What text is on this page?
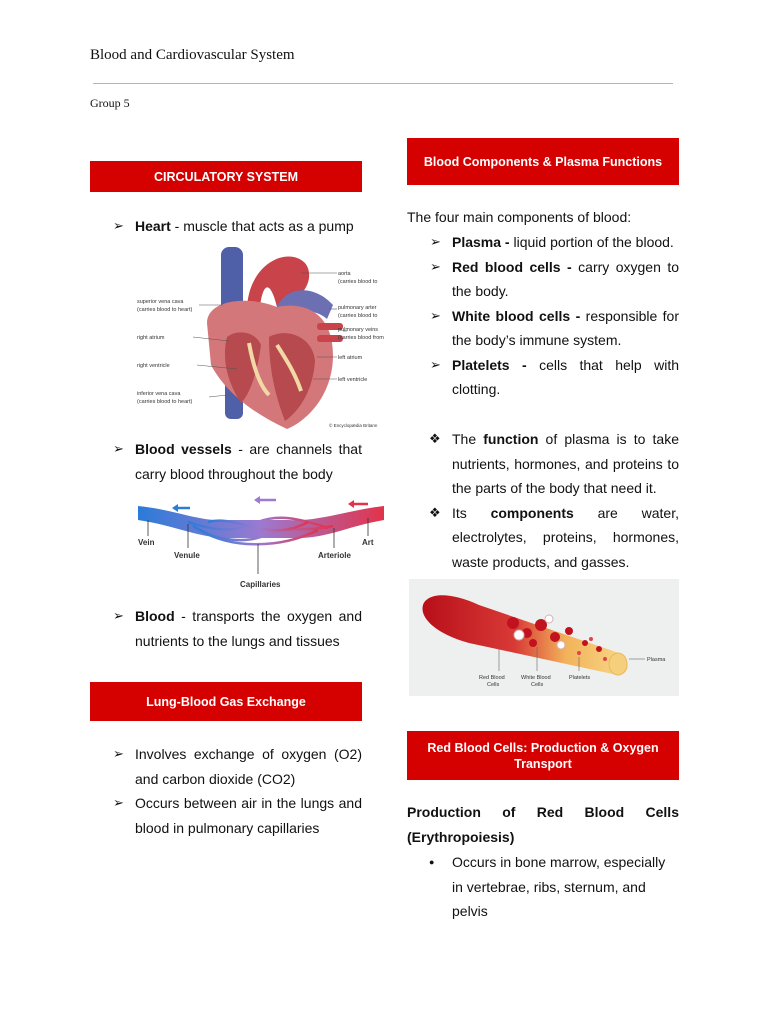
Blood and Cardiovascular System
Group 5
CIRCULATORY SYSTEM
➢ Heart - muscle that acts as a pump
aorta
(carries blood to
pulmonary arter
(carries blood to
pulmonary veins
(carries blood from
left atrium
left ventricle
superior vena cava
(carries blood to heart)
right atrium
right ventricle
inferior vena cava
(carries blood to heart)
© Encyclopædia Britann
➢ Blood vessels - are channels that carry blood throughout the body
Vein
Venule
Capillaries
Arteriole
Art
➢ Blood - transports the oxygen and nutrients to the lungs and tissues
Lung-Blood Gas Exchange
➢ Involves exchange of oxygen (O2) and carbon dioxide (CO2)
➢ Occurs between air in the lungs and blood in pulmonary capillaries
Blood Components & Plasma Functions
The four main components of blood:
➢ Plasma - liquid portion of the blood.
➢ Red blood cells - carry oxygen to the body.
➢ White blood cells - responsible for the body’s immune system.
➢ Platelets - cells that help with clotting.
❖ The function of plasma is to take nutrients, hormones, and proteins to the parts of the body that need it.
❖ Its components are water, electrolytes, proteins, hormones, waste products, and gasses.
Red Blood
Cells
White Blood
Cells
Platelets
Plasma
Red Blood Cells: Production & Oxygen Transport
Production of Red Blood Cells (Erythropoiesis)
● Occurs in bone marrow, especially in vertebrae, ribs, sternum, and pelvis
